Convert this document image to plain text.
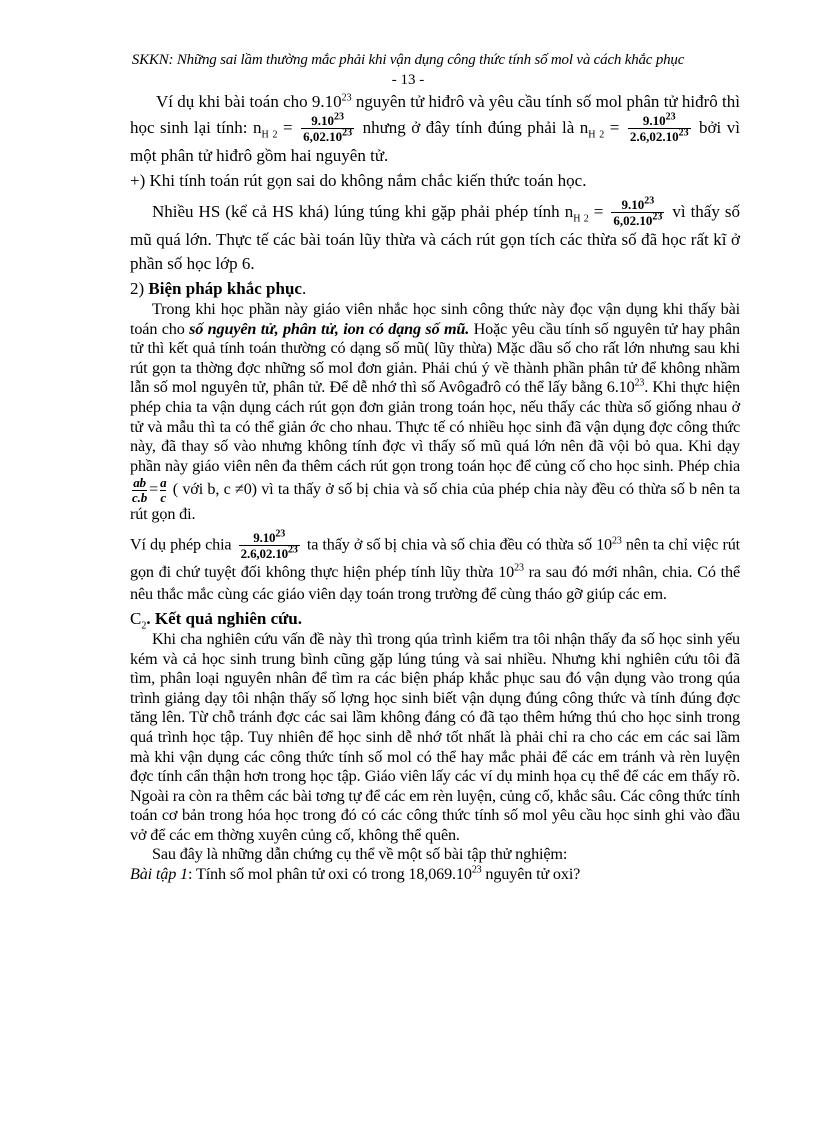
SKKN: Những sai lầm thường mắc phải khi vận dụng công thức tính số mol và cách khắc phục
- 13 -

Ví dụ khi bài toán cho 9.10$^{23}$ nguyên tử hiđrô và yêu cầu tính số mol phân tử hiđrô thì học sinh lại tính: $n_{H 2} = \frac{9.10^{23}}{6,02.10^{23}}$ nhưng ở đây tính đúng phải là $n_{H 2} = \frac{9.10^{23}}{2.6,02.10^{23}}$ bởi vì một phân tử hiđrô gồm hai nguyên tử.

+) Khi tính toán rút gọn sai do không nắm chắc kiến thức toán học.

Nhiều HS (kể cả HS khá) lúng túng khi gặp phải phép tính $n_{H 2} = \frac{9.10^{23}}{6,02.10^{23}}$ vì thấy số mũ quá lớn. Thực tế các bài toán lũy thừa và cách rút gọn tích các thừa số đã học rất kĩ ở phần số học lớp 6.

2) Biện pháp khắc phục.

Trong khi học phần này giáo viên nhắc học sinh công thức này đọc vận dụng khi thấy bài toán cho số nguyên tử, phân tử, ion có dạng số mũ. Hoặc yêu cầu tính số nguyên tử hay phân tử thì kết quả tính toán thường có dạng số mũ( lũy thừa) Mặc dầu số cho rất lớn nhưng sau khi rút gọn ta thờng đợc những số mol đơn giản. Phải chú ý về thành phần phân tử để không nhầm lẫn số mol nguyên tử, phân tử. Để dễ nhớ thì số Avôgađrô có thể lấy bằng 6.10$^{23}$. Khi thực hiện phép chia ta vận dụng cách rút gọn đơn giản trong toán học, nếu thấy các thừa số giống nhau ở tử và mẫu thì ta có thể giản ớc cho nhau. Thực tế có nhiều học sinh đã vận dụng đợc công thức này, đã thay số vào nhưng không tính đợc vì thấy số mũ quá lớn nên đã vội bỏ qua. Khi dạy phần này giáo viên nên đa thêm cách rút gọn trong toán học để củng cố cho học sinh. Phép chia
$\frac{ab}{c.b} = \frac{a}{c}$ ( với b, c ≠0) vì ta thấy ở số bị chia và số chia của phép chia này đều có thừa số b nên ta rút gọn đi.

Ví dụ phép chia $\frac{9.10^{23}}{2.6,02.10^{23}}$ ta thấy ở số bị chia và số chia đều có thừa số $10^{23}$ nên ta chỉ việc rút gọn đi chứ tuyệt đối không thực hiện phép tính lũy thừa $10^{23}$ ra sau đó mới nhân, chia. Có thể nêu thắc mắc cùng các giáo viên dạy toán trong trường để cùng tháo gỡ giúp các em.

$C_2$. Kết quả nghiên cứu.

Khi cha nghiên cứu vấn đề này thì trong qúa trình kiểm tra tôi nhận thấy đa số học sinh yếu kém và cả học sinh trung bình cũng gặp lúng túng và sai nhiều. Nhưng khi nghiên cứu tôi đã tìm, phân loại nguyên nhân để tìm ra các biện pháp khắc phục sau đó vận dụng vào trong qúa trình giảng dạy tôi nhận thấy số lợng học sinh biết vận dụng đúng công thức và tính đúng đợc tăng lên. Từ chỗ tránh đợc các sai lầm không đáng có đã tạo thêm hứng thú cho học sinh trong quá trình học tập. Tuy nhiên để học sinh dễ nhớ tốt nhất là phải chỉ ra cho các em các sai lầm mà khi vận dụng các công thức tính số mol có thể hay mắc phải để các em tránh và rèn luyện đợc tính cẩn thận hơn trong học tập. Giáo viên lấy các ví dụ minh họa cụ thể để các em thấy rõ. Ngoài ra còn ra thêm các bài tơng tự để các em rèn luyện, củng cố, khắc sâu. Các công thức tính toán cơ bản trong hóa học trong đó có các công thức tính số mol yêu cầu học sinh ghi vào đầu vở để các em thờng xuyên củng cố, không thể quên.

Sau đây là những dẫn chứng cụ thể về một số bài tập thử nghiệm:

Bài tập 1: Tính số mol phân tử oxi có trong 18,069.10$^{23}$ nguyên tử oxi?
